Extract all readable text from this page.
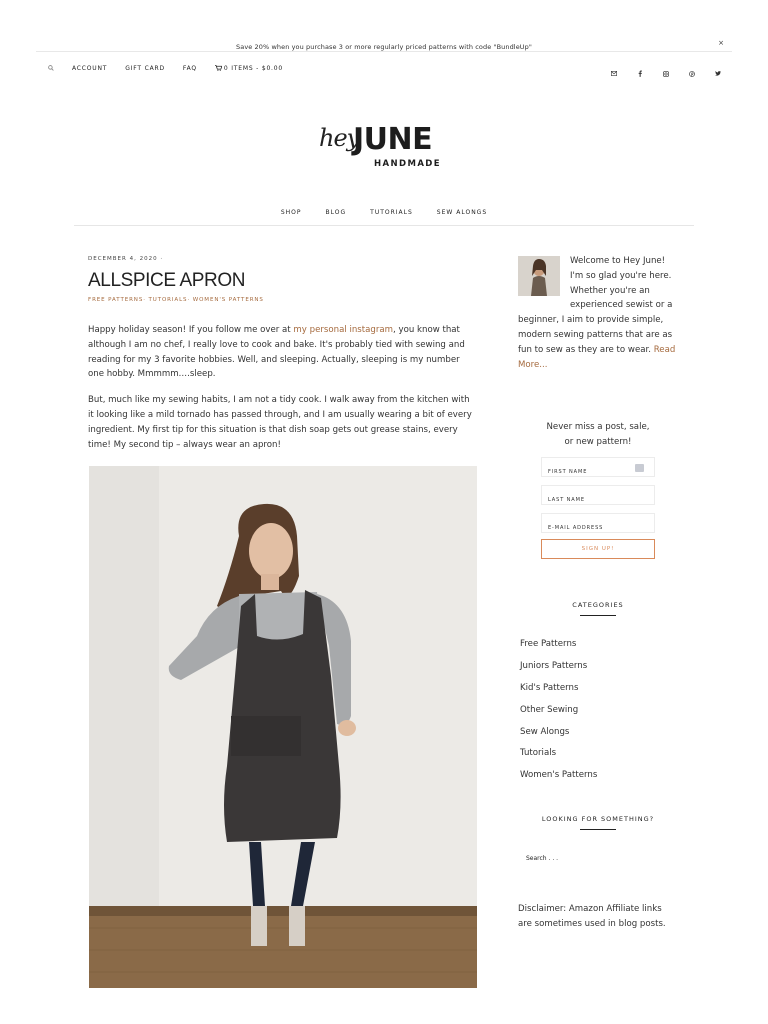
Save 20% when you purchase 3 or more regularly priced patterns with code "BundleUp"	×
ACCOUNT	GIFT CARD	FAQ	0 ITEMS - $0.00
hey
JUNE
HANDMADE
SHOP	BLOG	TUTORIALS	SEW ALONGS
DECEMBER 4, 2020 ·
ALLSPICE APRON
FREE PATTERNS· TUTORIALS· WOMEN'S PATTERNS

Happy holiday season! If you follow me over at my personal instagram, you know that although I am no chef, I really love to cook and bake. It's probably tied with sewing and reading for my 3 favorite hobbies. Well, and sleeping. Actually, sleeping is my number one hobby. Mmmmm….sleep.

But, much like my sewing habits, I am not a tidy cook. I walk away from the kitchen with it looking like a mild tornado has passed through, and I am usually wearing a bit of every ingredient. My first tip for this situation is that dish soap gets out grease stains, every time! My second tip – always wear an apron!

Welcome to Hey June! I'm so glad you're here. Whether you're an experienced sewist or a beginner, I aim to provide simple, modern sewing patterns that are as fun to sew as they are to wear. Read More...
Never miss a post, sale,
or new pattern!
FIRST NAME
LAST NAME
E-MAIL ADDRESS
SIGN UP!
CATEGORIES
Free Patterns
Juniors Patterns
Kid's Patterns
Other Sewing
Sew Alongs
Tutorials
Women's Patterns
LOOKING FOR SOMETHING?
Search . . .
Disclaimer: Amazon Affiliate links are sometimes used in blog posts.
